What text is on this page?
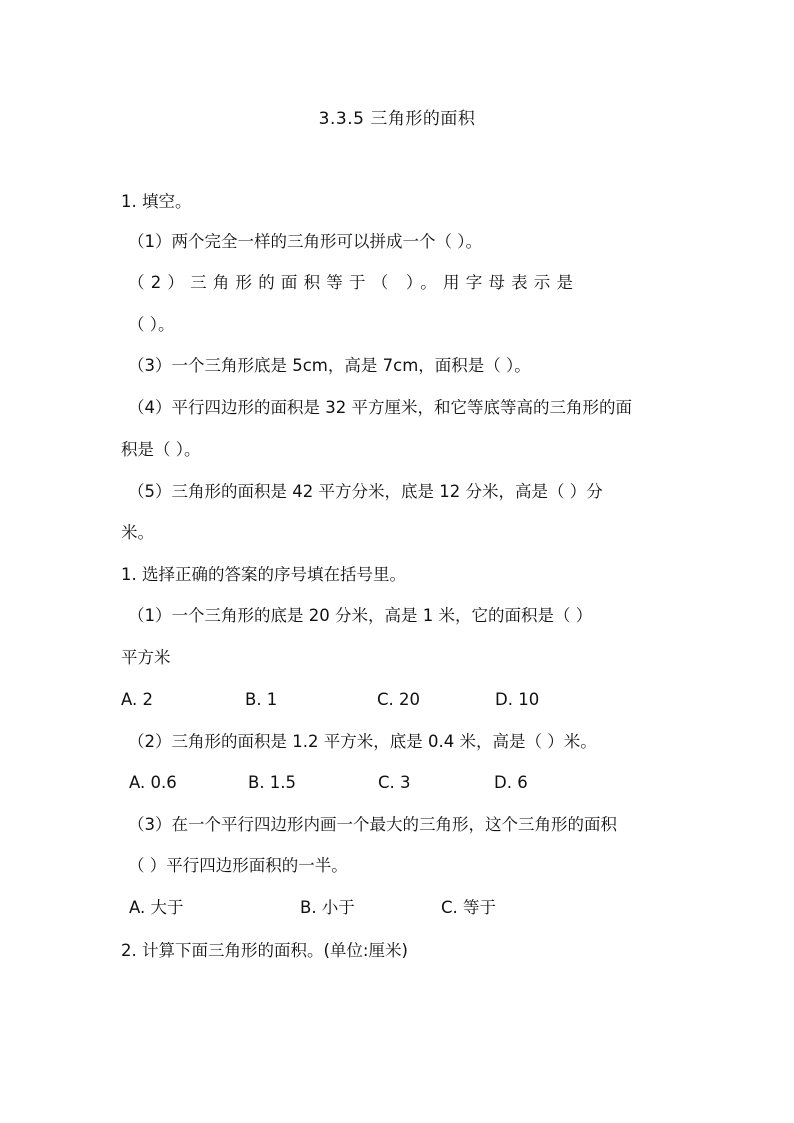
3.3.5 三角形的面积
1. 填空。
（1）两个完全一样的三角形可以拼成一个（ ）。
（2）三角形的面积等于（ ）。用字母表示是
（ ）。
（3）一个三角形底是 5cm，高是 7cm，面积是（ ）。
（4）平行四边形的面积是 32 平方厘米，和它等底等高的三角形的面
积是（ ）。
（5）三角形的面积是 42 平方分米，底是 12 分米，高是（ ）分
米。
1. 选择正确的答案的序号填在括号里。
（1）一个三角形的底是 20 分米，高是 1 米，它的面积是（ ）
平方米
A. 2	B. 1	C. 20	D. 10
（2）三角形的面积是 1.2 平方米，底是 0.4 米，高是（ ）米。
A. 0.6	B. 1.5	C. 3	D. 6
（3）在一个平行四边形内画一个最大的三角形，这个三角形的面积
（ ）平行四边形面积的一半。
A. 大于	B. 小于	C. 等于
2. 计算下面三角形的面积。(单位:厘米)
